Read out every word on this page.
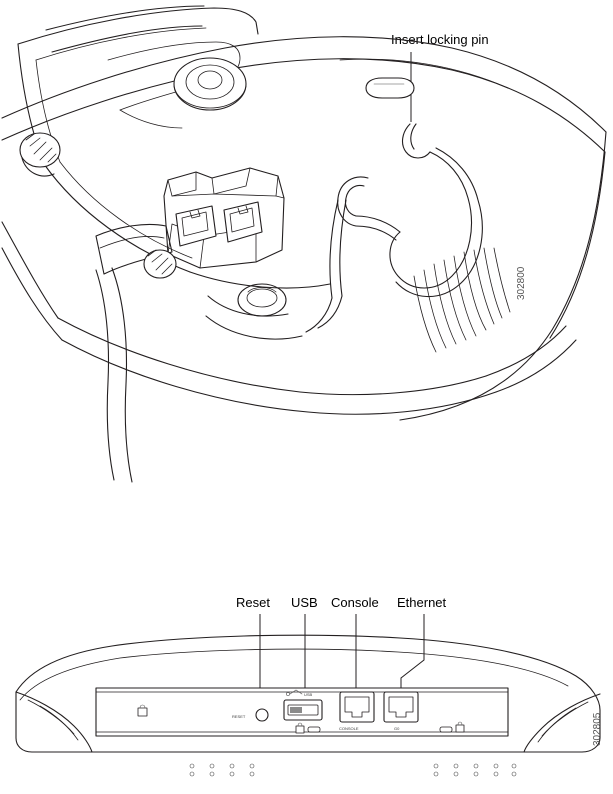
Insert locking pin
302800
Reset USB Console Ethernet
RESET
USB
CONSOLE	G0	302805
